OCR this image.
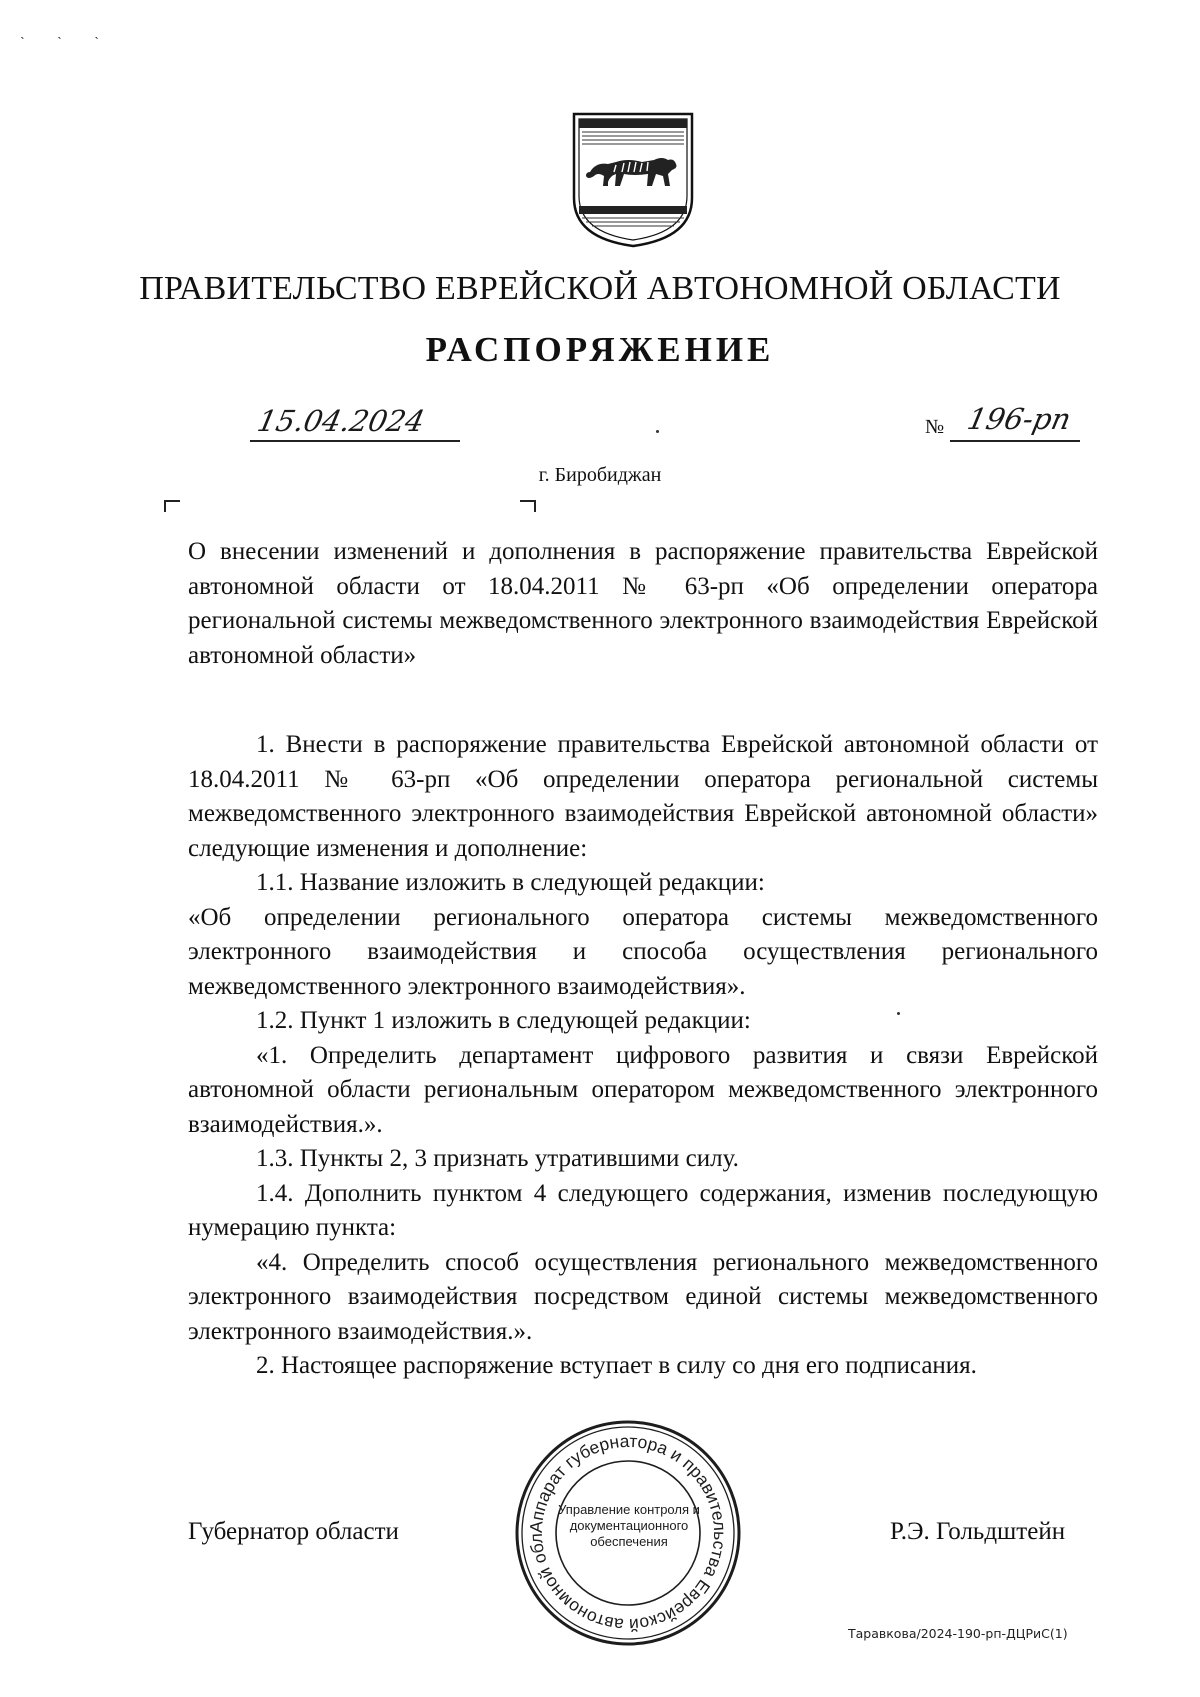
˴ ˴ ˴
ПРАВИТЕЛЬСТВО ЕВРЕЙСКОЙ АВТОНОМНОЙ ОБЛАСТИ
РАСПОРЯЖЕНИЕ
15.04.2024	№ 196-рп
г. Биробиджан
О внесении изменений и дополнения в распоряжение правительства Еврейской автономной области от 18.04.2011 № 63-рп «Об определении оператора региональной системы межведомственного электронного взаимодействия Еврейской автономной области»

1. Внести в распоряжение правительства Еврейской автономной области от 18.04.2011 № 63-рп «Об определении оператора региональной системы межведомственного электронного взаимодействия Еврейской автономной области» следующие изменения и дополнение:

1.1. Название изложить в следующей редакции:

«Об определении регионального оператора системы межведомственного электронного взаимодействия и способа осуществления регионального межведомственного электронного взаимодействия».

1.2. Пункт 1 изложить в следующей редакции:

«1. Определить департамент цифрового развития и связи Еврейской автономной области региональным оператором межведомственного электронного взаимодействия.».

1.3. Пункты 2, 3 признать утратившими силу.

1.4. Дополнить пунктом 4 следующего содержания, изменив последующую нумерацию пункта:

«4. Определить способ осуществления регионального межведомственного электронного взаимодействия посредством единой системы межведомственного электронного взаимодействия.».

2. Настоящее распоряжение вступает в силу со дня его подписания.

Губернатор области	Р.Э. Гольдштейн
Аппарат губернатора и правительства Еврейской автономной обл
Управление контроля и документационного обеспечения
Таравкова/2024-190-рп-ДЦРиС(1)
